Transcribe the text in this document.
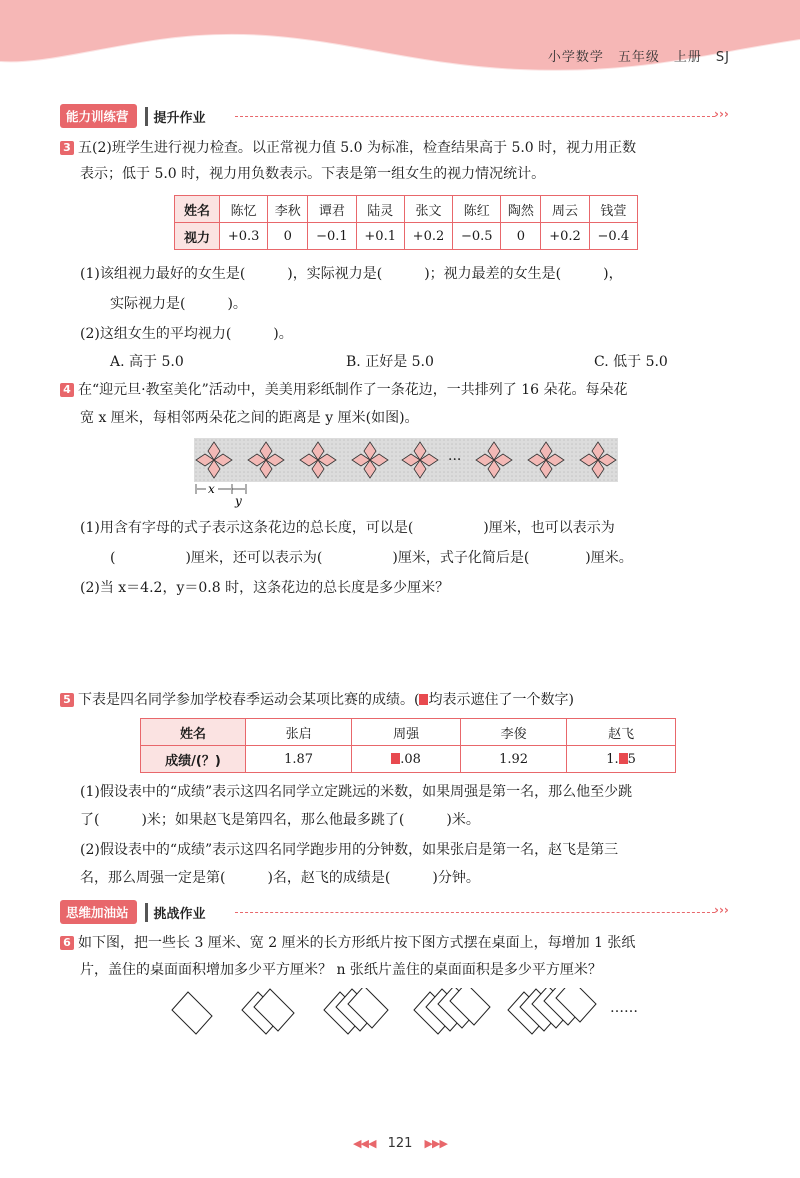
小学数学 五年级 上册 SJ
能力训练营	提升作业	›››
3 五(2)班学生进行视力检查。以正常视力值 5.0 为标准，检查结果高于 5.0 时，视力用正数
表示；低于 5.0 时，视力用负数表示。下表是第一组女生的视力情况统计。
姓名	陈忆	李秋	谭君	陆灵	张文	陈红	陶然	周云	钱萱
视力	+0.3	0	−0.1	+0.1	+0.2	−0.5	0	+0.2	−0.4
(1)该组视力最好的女生是(　　　)，实际视力是(　　　)；视力最差的女生是(　　　)，
实际视力是(　　　)。
(2)这组女生的平均视力(　　　)。
A. 高于 5.0	B. 正好是 5.0	C. 低于 5.0
4 在“迎元旦·教室美化”活动中，美美用彩纸制作了一条花边，一共排列了 16 朵花。每朵花
宽 x 厘米，每相邻两朵花之间的距离是 y 厘米(如图)。
···
x
y
(1)用含有字母的式子表示这条花边的总长度，可以是(　　　　　)厘米，也可以表示为
(　　　　　)厘米，还可以表示为(　　　　　)厘米，式子化简后是(　　　　)厘米。
(2)当 x＝4.2，y＝0.8 时，这条花边的总长度是多少厘米？
5 下表是四名同学参加学校春季运动会某项比赛的成绩。( 均表示遮住了一个数字)
姓名	张启	周强	李俊	赵飞
成绩/(？)	1.87	.08	1.92	1. 5
(1)假设表中的“成绩”表示这四名同学立定跳远的米数，如果周强是第一名，那么他至少跳
了(　　　)米；如果赵飞是第四名，那么他最多跳了(　　　)米。
(2)假设表中的“成绩”表示这四名同学跑步用的分钟数，如果张启是第一名，赵飞是第三
名，那么周强一定是第(　　　)名，赵飞的成绩是(　　　)分钟。
思维加油站	挑战作业	›››
6 如下图，把一些长 3 厘米、宽 2 厘米的长方形纸片按下图方式摆在桌面上，每增加 1 张纸
片，盖住的桌面面积增加多少平方厘米？ n 张纸片盖住的桌面面积是多少平方厘米？
……
◀◀◀ 121 ▶▶▶
